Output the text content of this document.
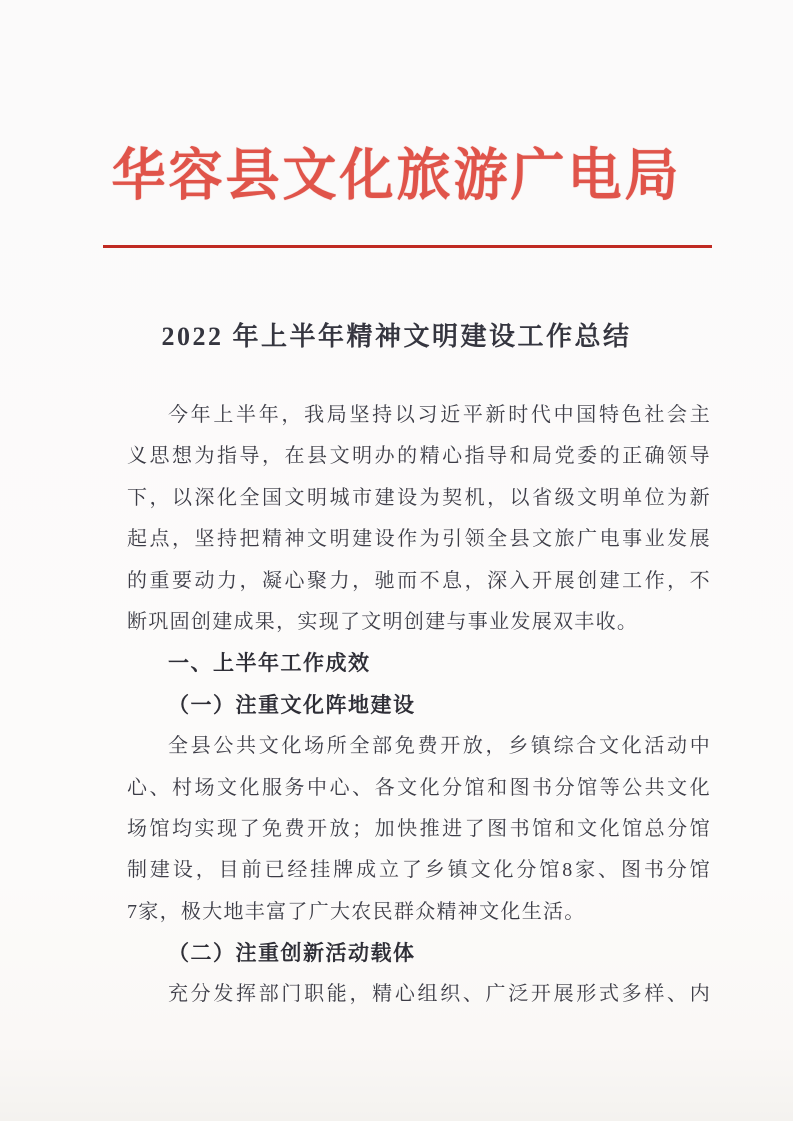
华容县文化旅游广电局
2022 年上半年精神文明建设工作总结
今年上半年，我局坚持以习近平新时代中国特色社会主
义思想为指导，在县文明办的精心指导和局党委的正确领导
下，以深化全国文明城市建设为契机，以省级文明单位为新
起点，坚持把精神文明建设作为引领全县文旅广电事业发展
的重要动力，凝心聚力，驰而不息，深入开展创建工作，不
断巩固创建成果，实现了文明创建与事业发展双丰收。
一、上半年工作成效
（一）注重文化阵地建设
全县公共文化场所全部免费开放，乡镇综合文化活动中
心、村场文化服务中心、各文化分馆和图书分馆等公共文化
场馆均实现了免费开放；加快推进了图书馆和文化馆总分馆
制建设，目前已经挂牌成立了乡镇文化分馆8家、图书分馆
7家，极大地丰富了广大农民群众精神文化生活。
（二）注重创新活动载体
充分发挥部门职能，精心组织、广泛开展形式多样、内
